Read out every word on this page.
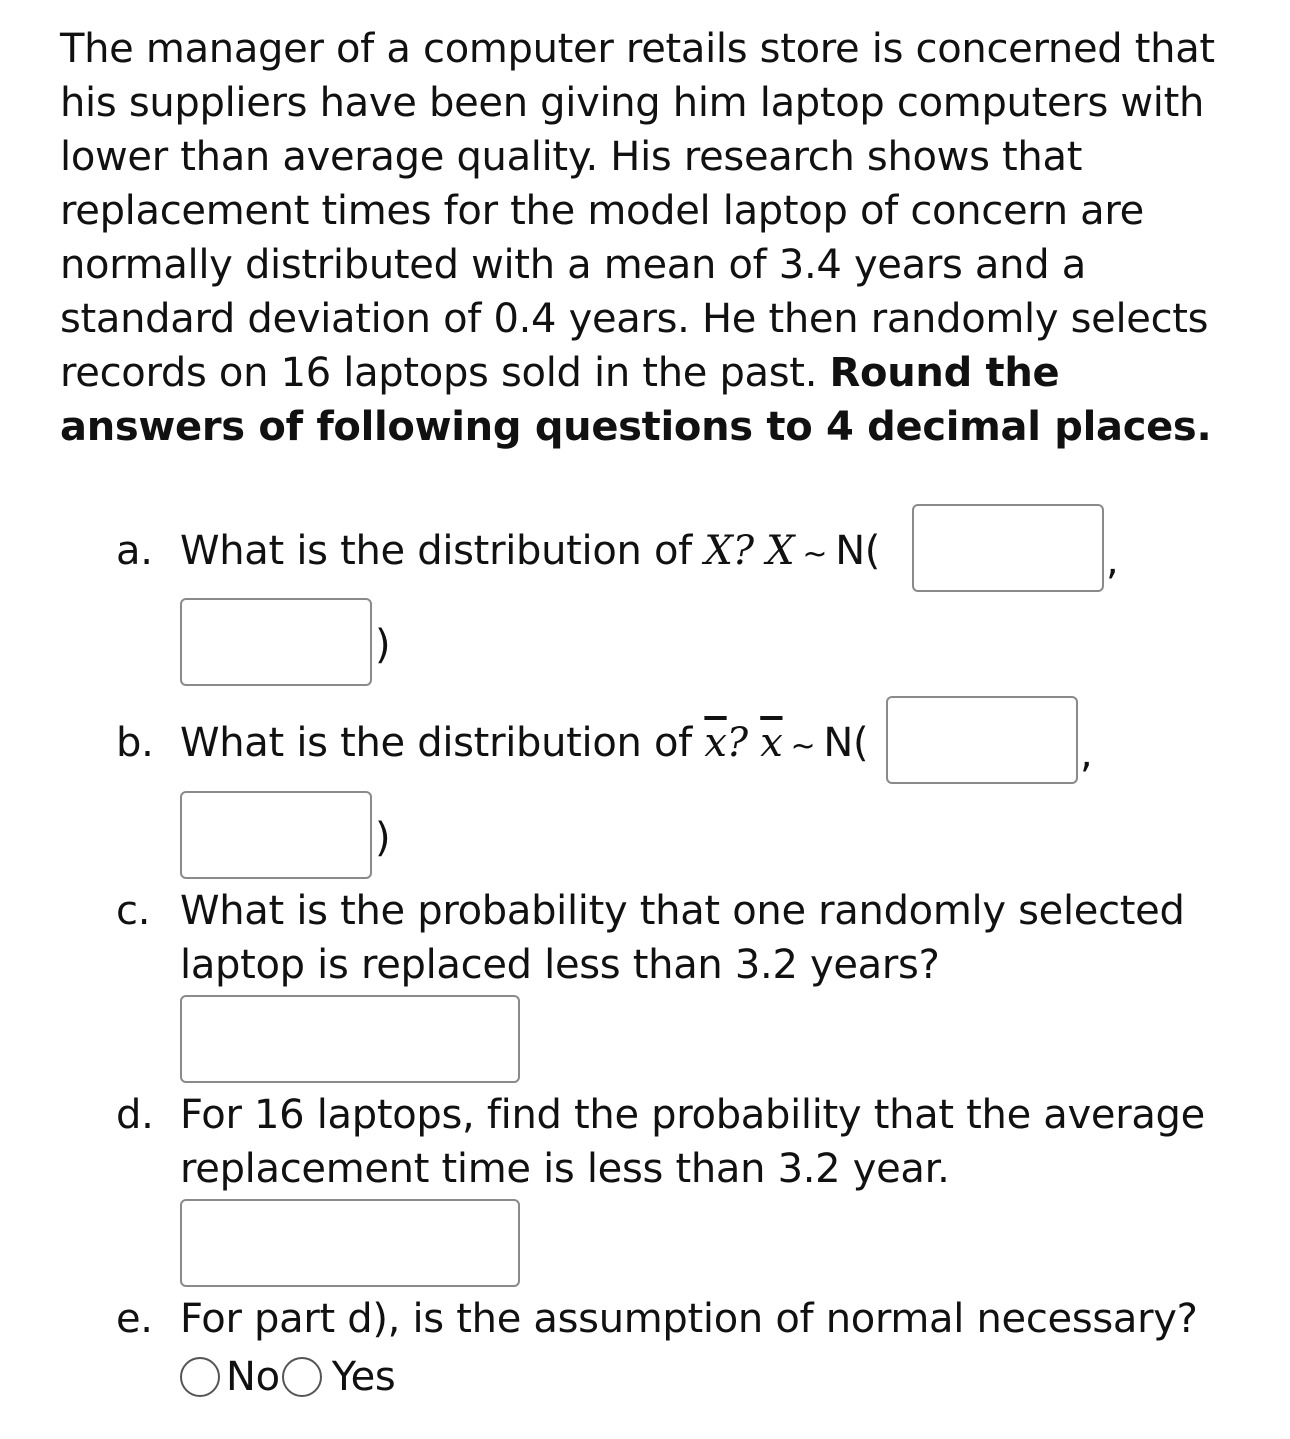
The manager of a computer retails store is concerned that his suppliers have been giving him laptop computers with lower than average quality. His research shows that replacement times for the model laptop of concern are normally distributed with a mean of 3.4 years and a standard deviation of 0.4 years. He then randomly selects records on 16 laptops sold in the past. Round the answers of following questions to 4 decimal places.
a. What is the distribution of X? X ~ N(	,
)
b. What is the distribution of $\overline{x}$? $\overline{x}$ ~ N(	,
)
c. What is the probability that one randomly selected
laptop is replaced less than 3.2 years?
d. For 16 laptops, find the probability that the average
replacement time is less than 3.2 year.
e. For part d), is the assumption of normal necessary?
No Yes
